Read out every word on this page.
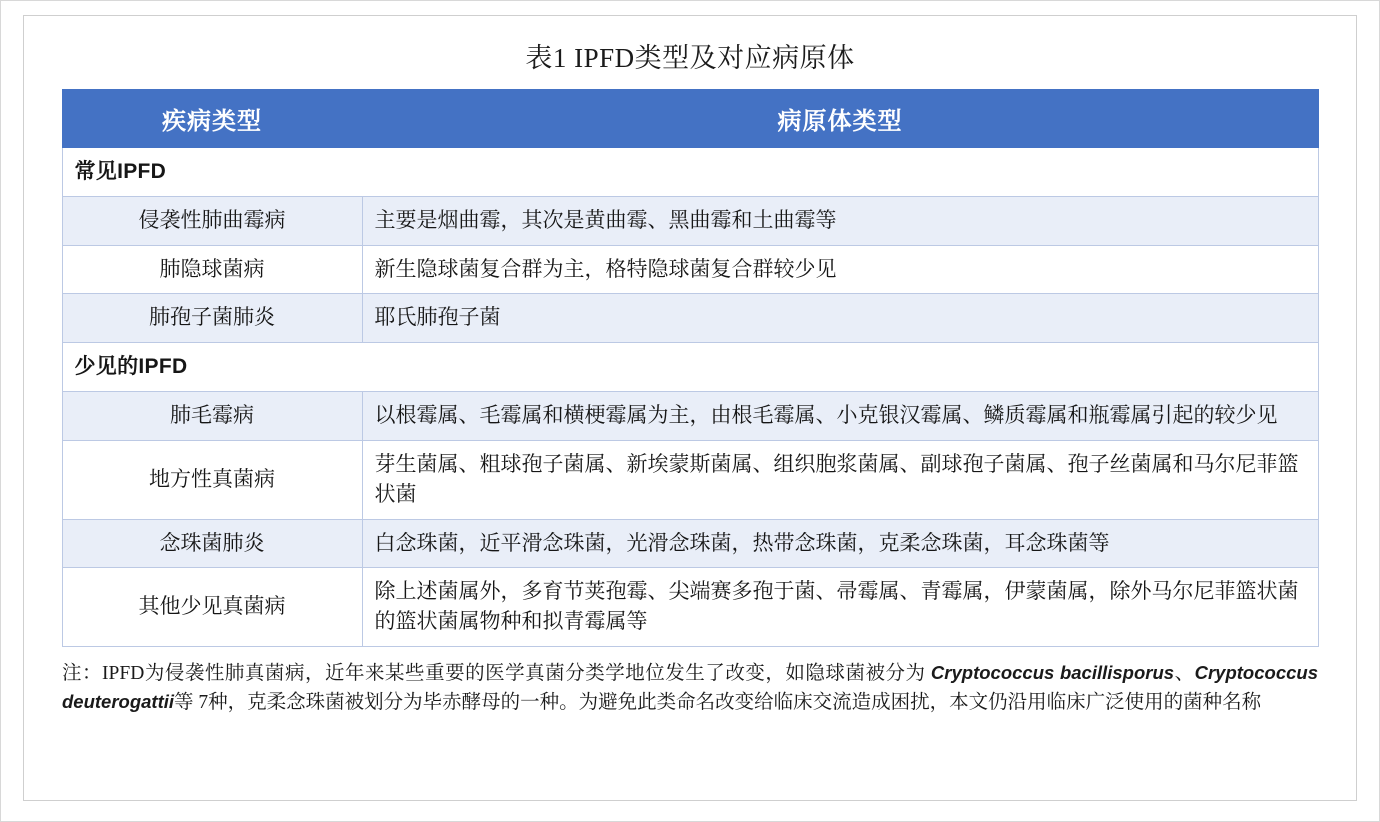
表1 IPFD类型及对应病原体
疾病类型	病原体类型
常见IPFD	
侵袭性肺曲霉病	主要是烟曲霉，其次是黄曲霉、黑曲霉和土曲霉等
肺隐球菌病	新生隐球菌复合群为主，格特隐球菌复合群较少见
肺孢子菌肺炎	耶氏肺孢子菌
少见的IPFD	
肺毛霉病	以根霉属、毛霉属和横梗霉属为主，由根毛霉属、小克银汉霉属、鳞质霉属和瓶霉属引起的较少见
地方性真菌病	芽生菌属、粗球孢子菌属、新埃蒙斯菌属、组织胞浆菌属、副球孢子菌属、孢子丝菌属和马尔尼菲篮状菌
念珠菌肺炎	白念珠菌，近平滑念珠菌，光滑念珠菌，热带念珠菌，克柔念珠菌，耳念珠菌等
其他少见真菌病	除上述菌属外，多育节荚孢霉、尖端赛多孢于菌、帚霉属、青霉属，伊蒙菌属，除外马尔尼菲篮状菌的篮状菌属物种和拟青霉属等
注：IPFD为侵袭性肺真菌病，近年来某些重要的医学真菌分类学地位发生了改变，如隐球菌被分为 Cryptococcus bacillisporus、Cryptococcus deuterogattii等 7种，克柔念珠菌被划分为毕赤酵母的一种。为避免此类命名改变给临床交流造成困扰，本文仍沿用临床广泛使用的菌种名称
